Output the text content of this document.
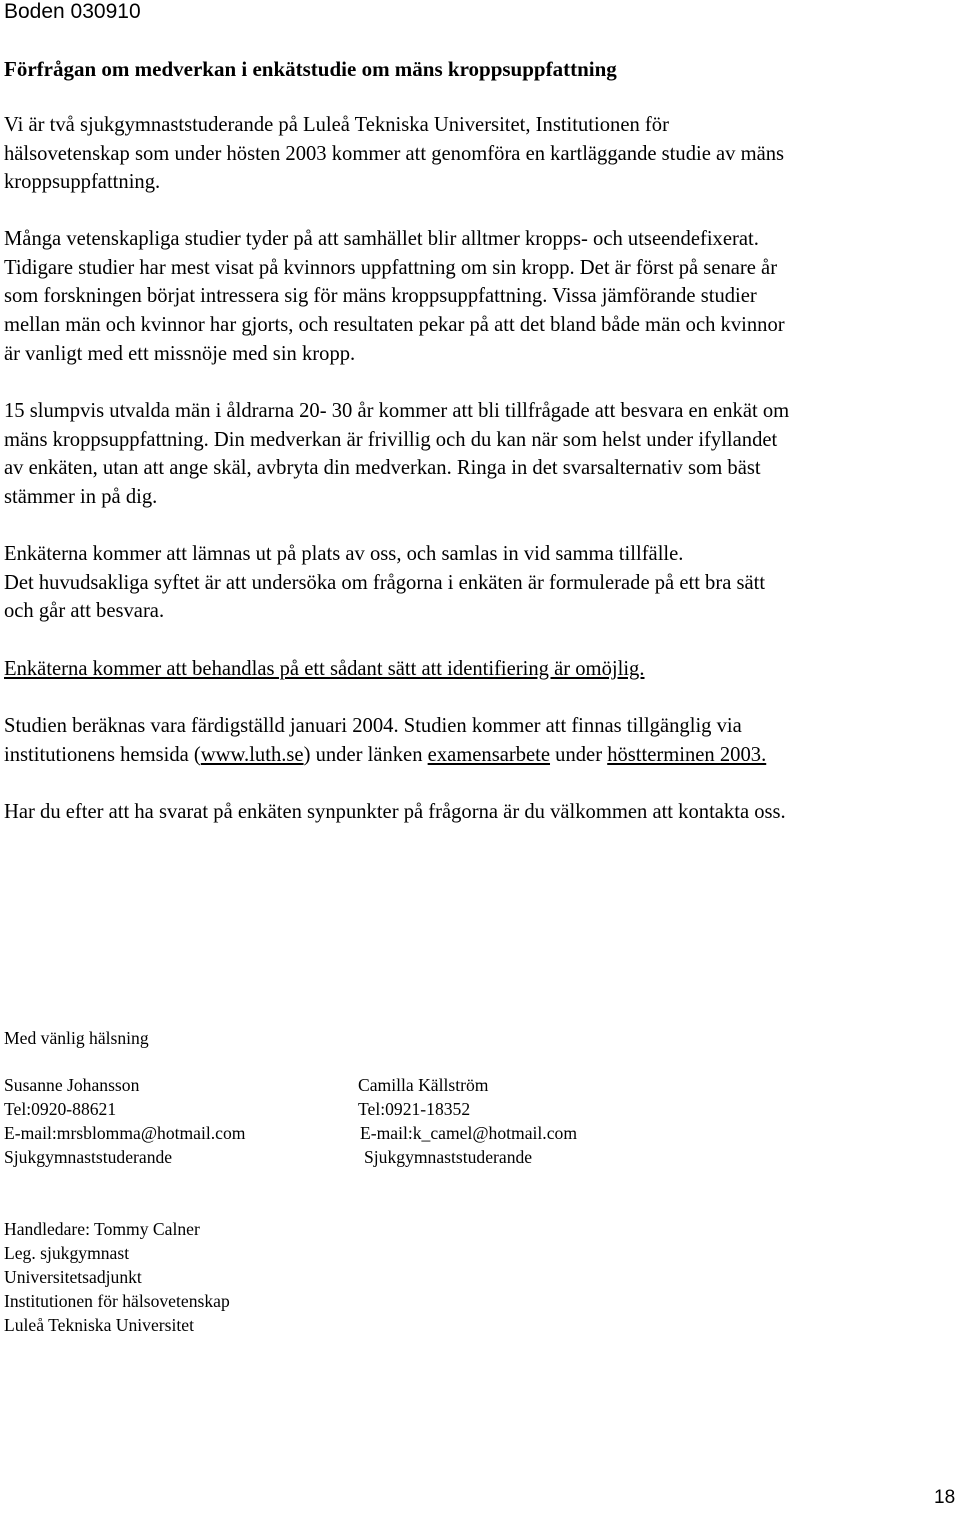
Boden 030910
Förfrågan om medverkan i enkätstudie om mäns kroppsuppfattning
Vi är två sjukgymnaststuderande på Luleå Tekniska Universitet, Institutionen för
hälsovetenskap som under hösten 2003 kommer att genomföra en kartläggande studie av mäns
kroppsuppfattning.
Många vetenskapliga studier tyder på att samhället blir alltmer kropps- och utseendefixerat.
Tidigare studier har mest visat på kvinnors uppfattning om sin kropp. Det är först på senare år
som forskningen börjat intressera sig för mäns kroppsuppfattning. Vissa jämförande studier
mellan män och kvinnor har gjorts, och resultaten pekar på att det bland både män och kvinnor
är vanligt med ett missnöje med sin kropp.
15 slumpvis utvalda män i åldrarna 20- 30 år kommer att bli tillfrågade att besvara en enkät om
mäns kroppsuppfattning. Din medverkan är frivillig och du kan när som helst under ifyllandet
av enkäten, utan att ange skäl, avbryta din medverkan. Ringa in det svarsalternativ som bäst
stämmer in på dig.
Enkäterna kommer att lämnas ut på plats av oss, och samlas in vid samma tillfälle.
Det huvudsakliga syftet är att undersöka om frågorna i enkäten är formulerade på ett bra sätt
och går att besvara.
Enkäterna kommer att behandlas på ett sådant sätt att identifiering är omöjlig.
Studien beräknas vara färdigställd januari 2004. Studien kommer att finnas tillgänglig via
institutionens hemsida (www.luth.se) under länken examensarbete under höstterminen 2003.
Har du efter att ha svarat på enkäten synpunkter på frågorna är du välkommen att kontakta oss.
Med vänlig hälsning
Susanne Johansson
Tel:0920-88621
E-mail:mrsblomma@hotmail.com
Sjukgymnaststuderande
Camilla Källström
Tel:0921-18352
E-mail:k_camel@hotmail.com
Sjukgymnaststuderande
Handledare: Tommy Calner
Leg. sjukgymnast
Universitetsadjunkt
Institutionen för hälsovetenskap
Luleå Tekniska Universitet
18
